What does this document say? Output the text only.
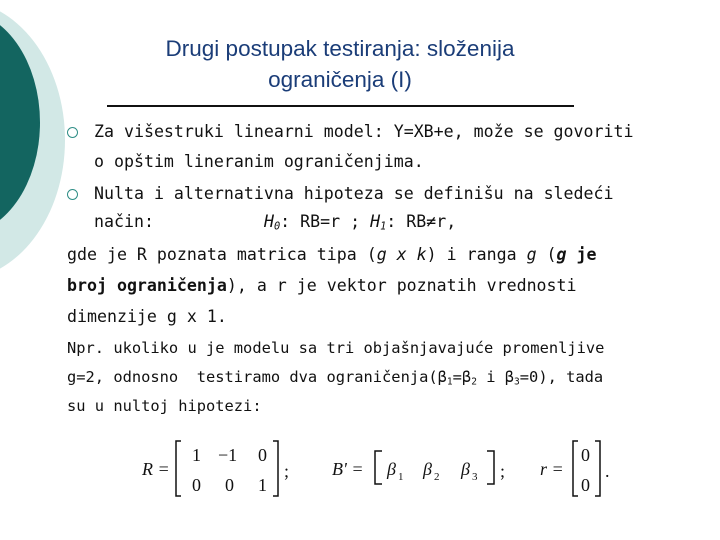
Drugi postupak testiranja: složenija
ograničenja (I)
Za višestruki linearni model: Y=XB+e, može se govoriti
o opštim lineranim ograničenjima.
Nulta i alternativna hipoteza se definišu na sledeći
način:	$H_0$: RB=r ; $H_1$: RB≠r,
gde je R poznata matrica tipa (g x k) i ranga g (g je
broj ograničenja), a r je vektor poznatih vrednosti
dimenzije g x 1.
Npr. ukoliko u je modelu sa tri objašnjavajuće promenljive
g=2, odnosno  testiramo dva $ograničenja(\beta_1=\beta_2$ i $\beta_3=0$), tada
su u nultoj hipotezi:
R =
1 −1 0
0 0 1
; B' = β 1 β 2 β 3 ; r =
0
0
.
